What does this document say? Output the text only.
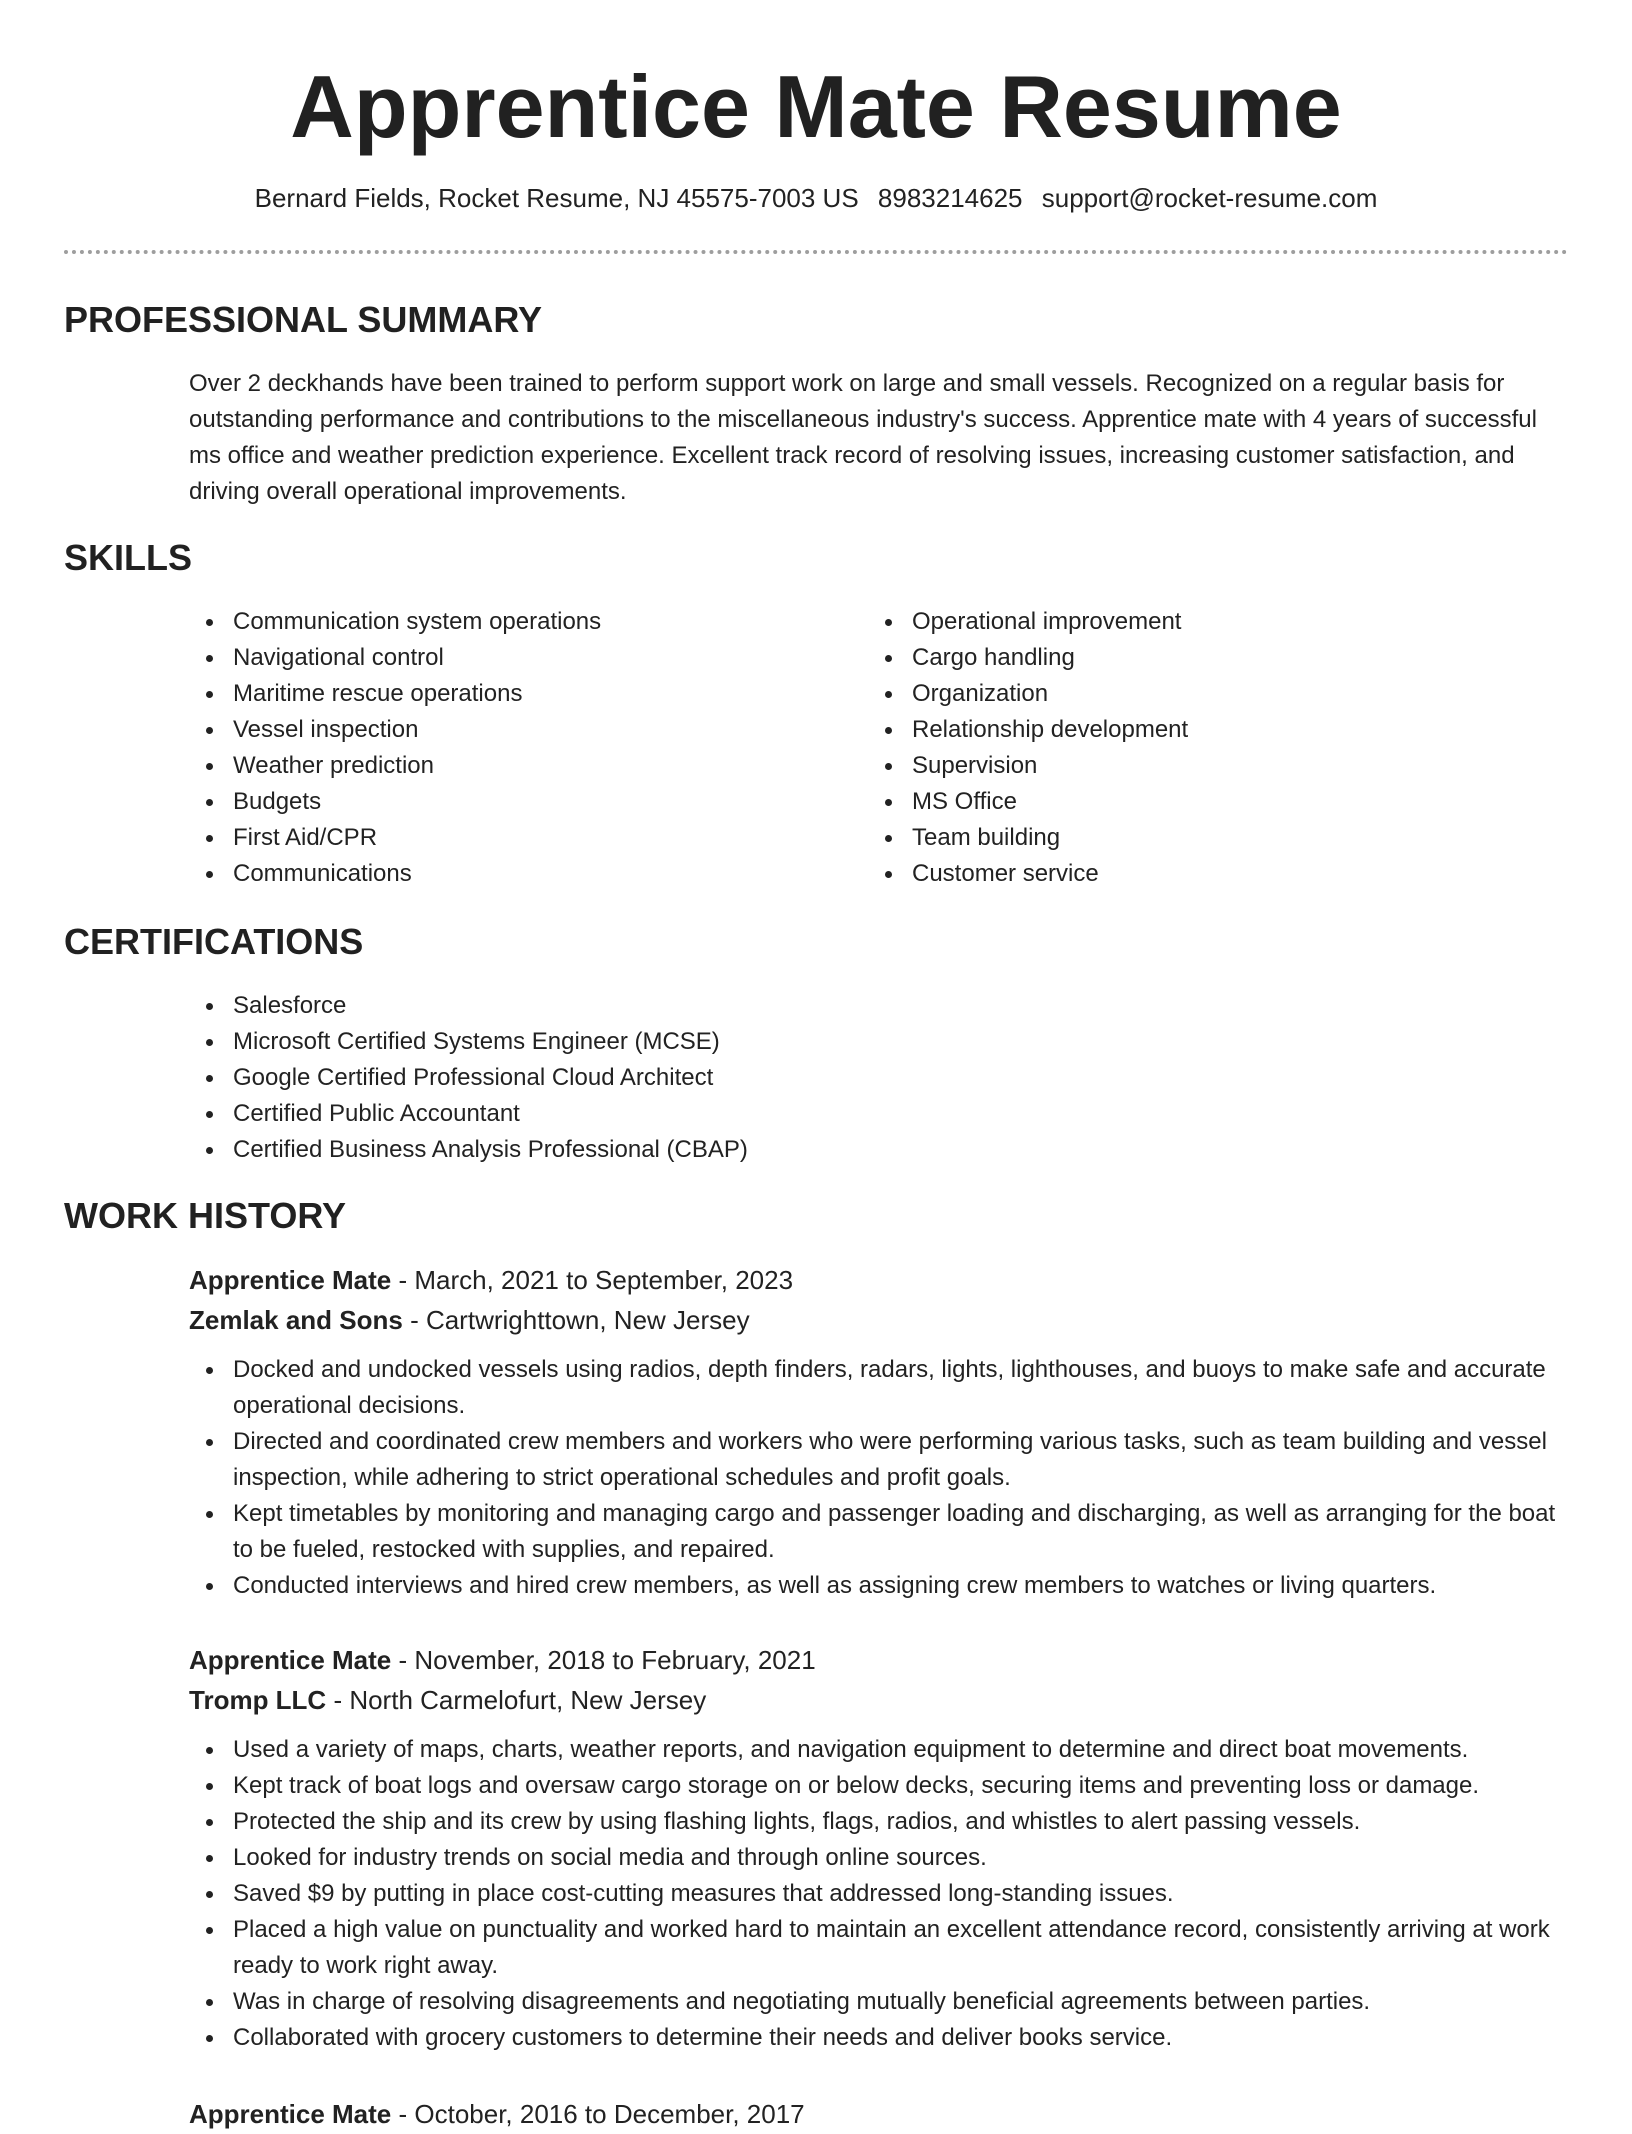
Apprentice Mate Resume
Bernard Fields, Rocket Resume, NJ 45575-7003 US 8983214625 support@rocket-resume.com
PROFESSIONAL SUMMARY

Over 2 deckhands have been trained to perform support work on large and small vessels. Recognized on a regular basis for outstanding performance and contributions to the miscellaneous industry's success. Apprentice mate with 4 years of successful ms office and weather prediction experience. Excellent track record of resolving issues, increasing customer satisfaction, and driving overall operational improvements.

SKILLS
Communication system operations
Navigational control
Maritime rescue operations
Vessel inspection
Weather prediction
Budgets
First Aid/CPR
Communications
Operational improvement
Cargo handling
Organization
Relationship development
Supervision
MS Office
Team building
Customer service
CERTIFICATIONS
Salesforce
Microsoft Certified Systems Engineer (MCSE)
Google Certified Professional Cloud Architect
Certified Public Accountant
Certified Business Analysis Professional (CBAP)
WORK HISTORY

Apprentice Mate - March, 2021 to September, 2023

Zemlak and Sons - Cartwrighttown, New Jersey

Docked and undocked vessels using radios, depth finders, radars, lights, lighthouses, and buoys to make safe and accurate operational decisions.
Directed and coordinated crew members and workers who were performing various tasks, such as team building and vessel inspection, while adhering to strict operational schedules and profit goals.
Kept timetables by monitoring and managing cargo and passenger loading and discharging, as well as arranging for the boat to be fueled, restocked with supplies, and repaired.
Conducted interviews and hired crew members, as well as assigning crew members to watches or living quarters.

Apprentice Mate - November, 2018 to February, 2021

Tromp LLC - North Carmelofurt, New Jersey

Used a variety of maps, charts, weather reports, and navigation equipment to determine and direct boat movements.
Kept track of boat logs and oversaw cargo storage on or below decks, securing items and preventing loss or damage.
Protected the ship and its crew by using flashing lights, flags, radios, and whistles to alert passing vessels.
Looked for industry trends on social media and through online sources.
Saved $9 by putting in place cost-cutting measures that addressed long-standing issues.
Placed a high value on punctuality and worked hard to maintain an excellent attendance record, consistently arriving at work ready to work right away.
Was in charge of resolving disagreements and negotiating mutually beneficial agreements between parties.
Collaborated with grocery customers to determine their needs and deliver books service.

Apprentice Mate - October, 2016 to December, 2017
